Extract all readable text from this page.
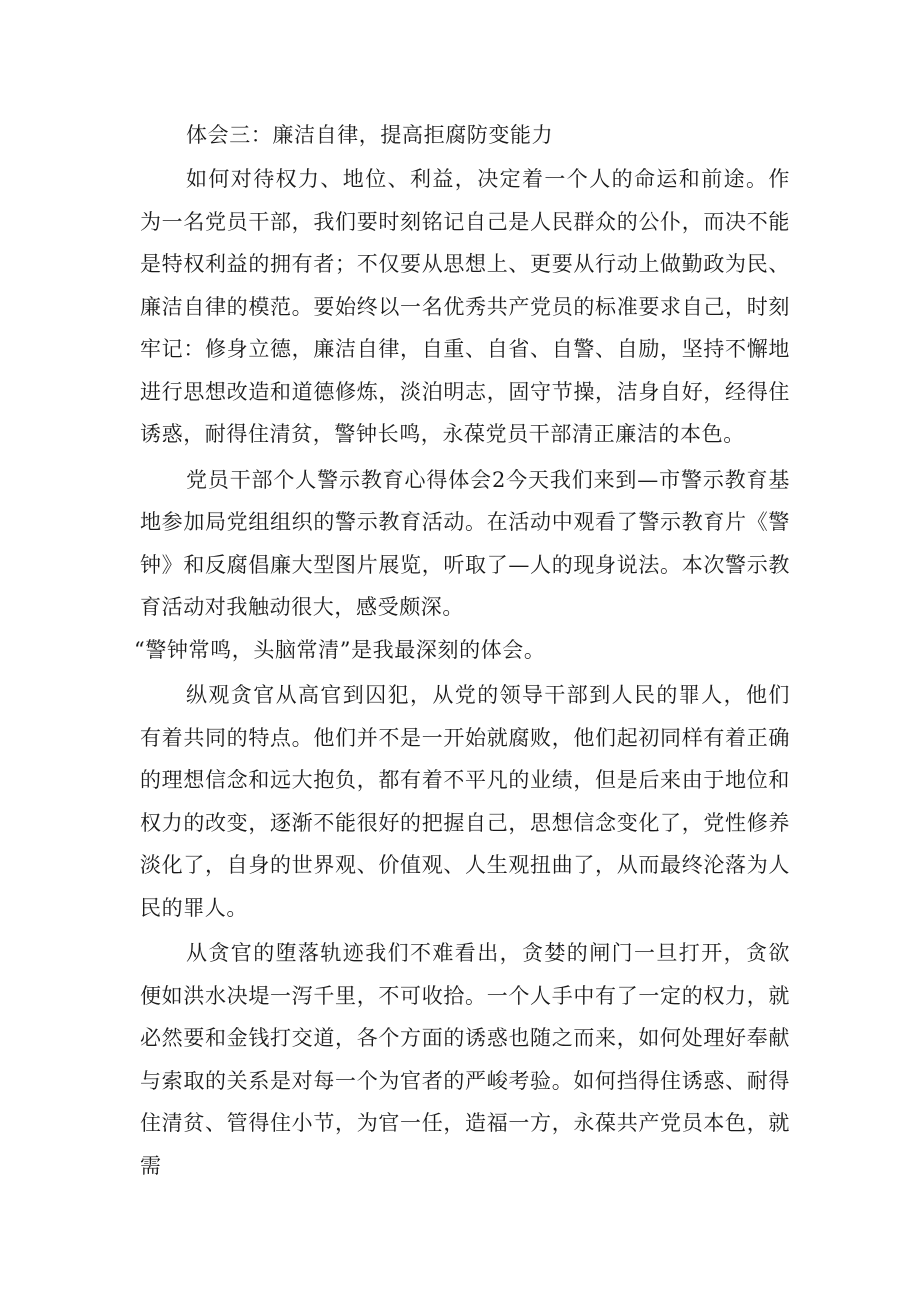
体会三：廉洁自律，提高拒腐防变能力

如何对待权力、地位、利益，决定着一个人的命运和前途。作为一名党员干部，我们要时刻铭记自己是人民群众的公仆，而决不能是特权利益的拥有者；不仅要从思想上、更要从行动上做勤政为民、廉洁自律的模范。要始终以一名优秀共产党员的标准要求自己，时刻牢记：修身立德，廉洁自律，自重、自省、自警、自励，坚持不懈地进行思想改造和道德修炼，淡泊明志，固守节操，洁身自好，经得住诱惑，耐得住清贫，警钟长鸣，永葆党员干部清正廉洁的本色。

党员干部个人警示教育心得体会2今天我们来到—市警示教育基地参加局党组组织的警示教育活动。在活动中观看了警示教育片《警钟》和反腐倡廉大型图片展览，听取了—人的现身说法。本次警示教育活动对我触动很大，感受颇深。

“警钟常鸣，头脑常清”是我最深刻的体会。

纵观贪官从高官到囚犯，从党的领导干部到人民的罪人，他们有着共同的特点。他们并不是一开始就腐败，他们起初同样有着正确的理想信念和远大抱负，都有着不平凡的业绩，但是后来由于地位和权力的改变，逐渐不能很好的把握自己，思想信念变化了，党性修养淡化了，自身的世界观、价值观、人生观扭曲了，从而最终沦落为人民的罪人。

从贪官的堕落轨迹我们不难看出，贪婪的闸门一旦打开，贪欲便如洪水决堤一泻千里，不可收拾。一个人手中有了一定的权力，就必然要和金钱打交道，各个方面的诱惑也随之而来，如何处理好奉献与索取的关系是对每一个为官者的严峻考验。如何挡得住诱惑、耐得住清贫、管得住小节，为官一任，造福一方，永葆共产党员本色，就需
